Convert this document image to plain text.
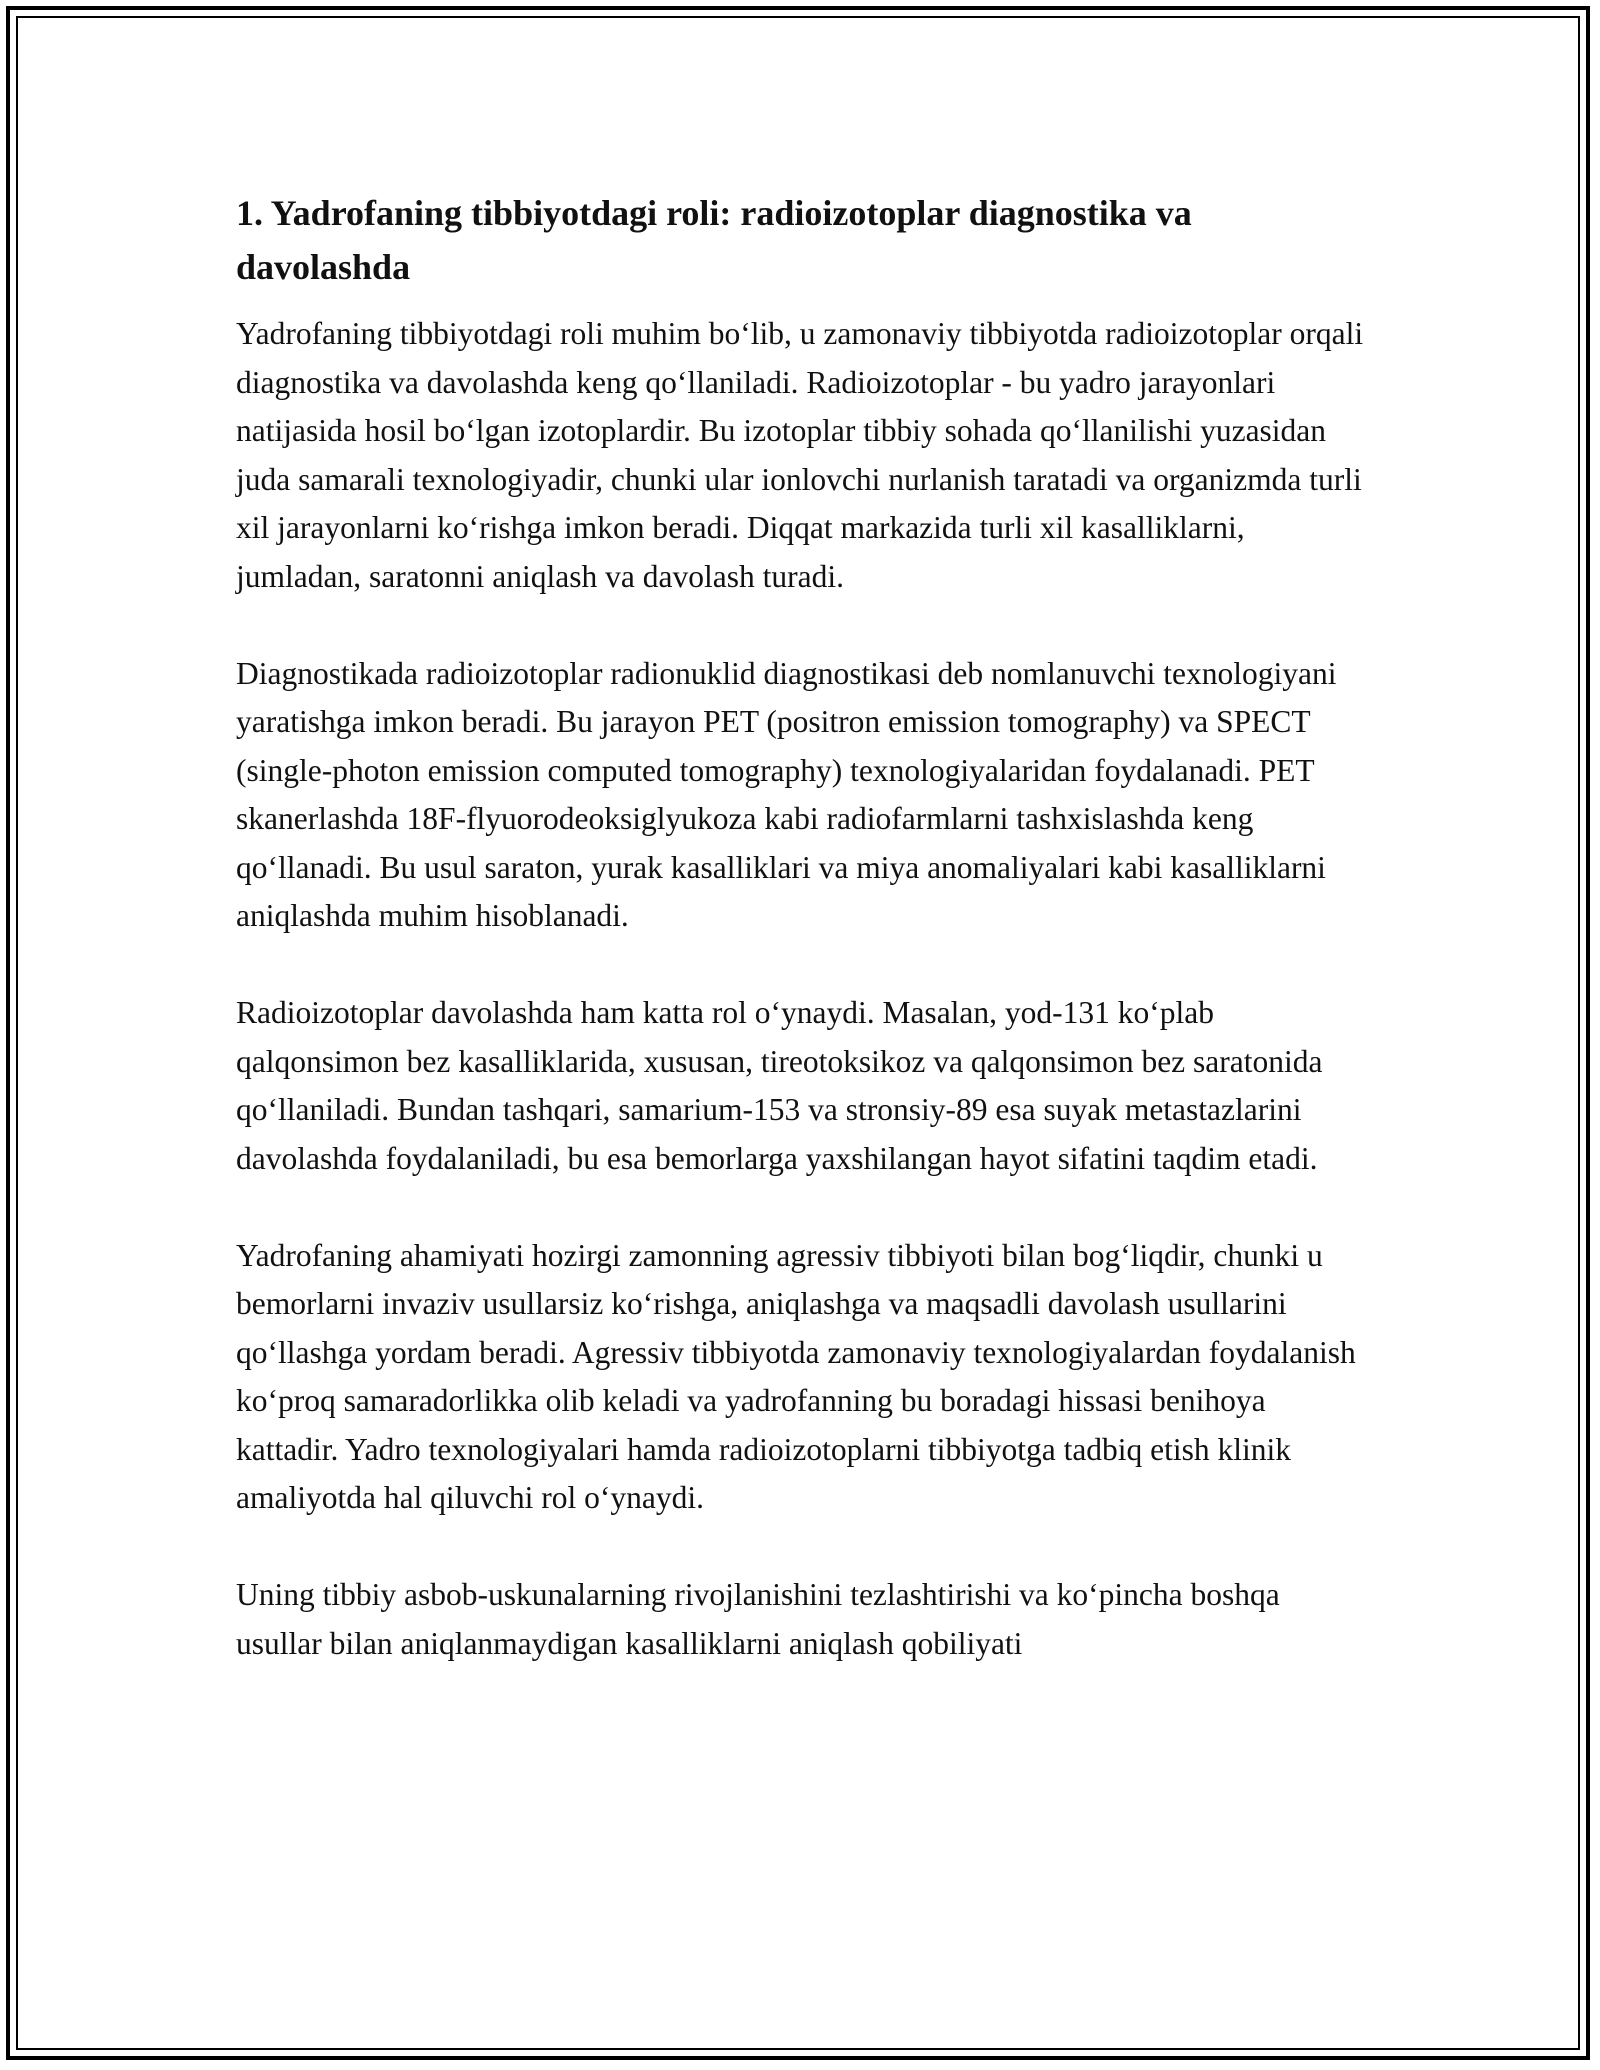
1. Yadrofaning tibbiyotdagi roli: radioizotoplar diagnostika va davolashda

Yadrofaning tibbiyotdagi roli muhim bo‘lib, u zamonaviy tibbiyotda radioizotoplar orqali diagnostika va davolashda keng qo‘llaniladi. Radioizotoplar - bu yadro jarayonlari natijasida hosil bo‘lgan izotoplardir. Bu izotoplar tibbiy sohada qo‘llanilishi yuzasidan juda samarali texnologiyadir, chunki ular ionlovchi nurlanish taratadi va organizmda turli xil jarayonlarni ko‘rishga imkon beradi. Diqqat markazida turli xil kasalliklarni, jumladan, saratonni aniqlash va davolash turadi.

Diagnostikada radioizotoplar radionuklid diagnostikasi deb nomlanuvchi texnologiyani yaratishga imkon beradi. Bu jarayon PET (positron emission tomography) va SPECT (single-photon emission computed tomography) texnologiyalaridan foydalanadi. PET skanerlashda 18F-flyuorodeoksiglyukoza kabi radiofarmlarni tashxislashda keng qo‘llanadi. Bu usul saraton, yurak kasalliklari va miya anomaliyalari kabi kasalliklarni aniqlashda muhim hisoblanadi.

Radioizotoplar davolashda ham katta rol o‘ynaydi. Masalan, yod-131 ko‘plab qalqonsimon bez kasalliklarida, xususan, tireotoksikoz va qalqonsimon bez saratonida qo‘llaniladi. Bundan tashqari, samarium-153 va stronsiy-89 esa suyak metastazlarini davolashda foydalaniladi, bu esa bemorlarga yaxshilangan hayot sifatini taqdim etadi.

Yadrofaning ahamiyati hozirgi zamonning agressiv tibbiyoti bilan bog‘liqdir, chunki u bemorlarni invaziv usullarsiz ko‘rishga, aniqlashga va maqsadli davolash usullarini qo‘llashga yordam beradi. Agressiv tibbiyotda zamonaviy texnologiyalardan foydalanish ko‘proq samaradorlikka olib keladi va yadrofanning bu boradagi hissasi benihoya kattadir. Yadro texnologiyalari hamda radioizotoplarni tibbiyotga tadbiq etish klinik amaliyotda hal qiluvchi rol o‘ynaydi.

Uning tibbiy asbob-uskunalarning rivojlanishini tezlashtirishi va ko‘pincha boshqa usullar bilan aniqlanmaydigan kasalliklarni aniqlash qobiliyati
